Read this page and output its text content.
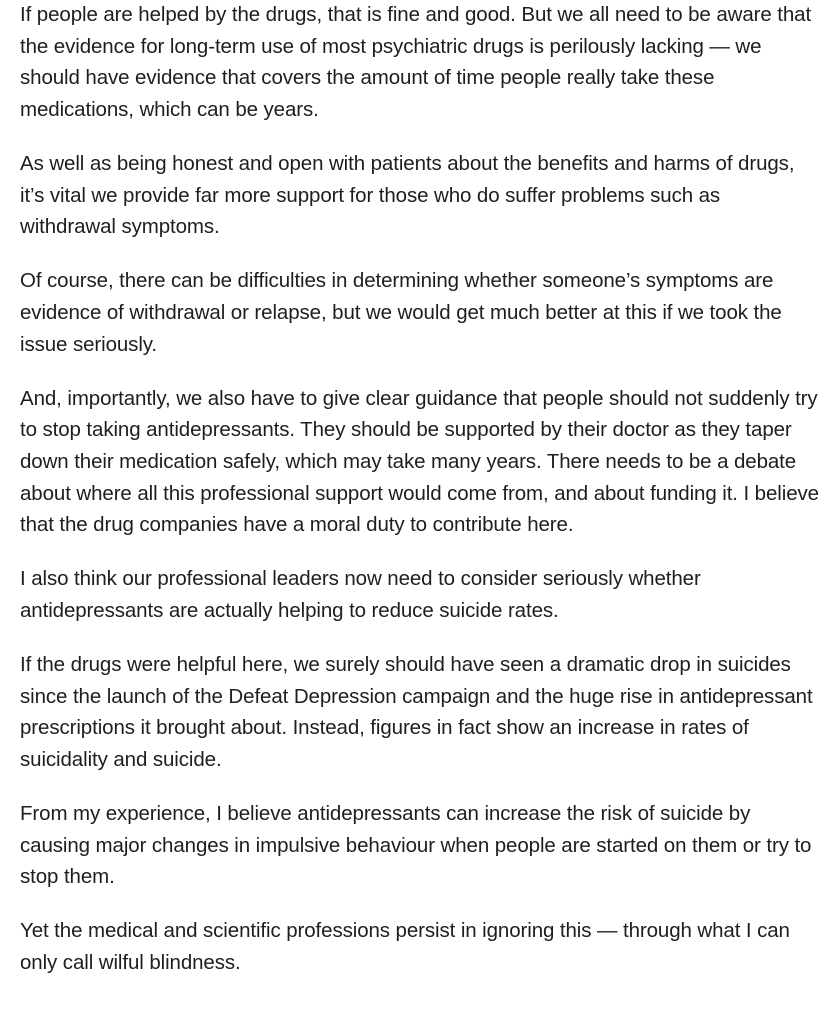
If people are helped by the drugs, that is fine and good. But we all need to be aware that the evidence for long-term use of most psychiatric drugs is perilously lacking — we should have evidence that covers the amount of time people really take these medications, which can be years.

As well as being honest and open with patients about the benefits and harms of drugs, it’s vital we provide far more support for those who do suffer problems such as withdrawal symptoms.

Of course, there can be difficulties in determining whether someone’s symptoms are evidence of withdrawal or relapse, but we would get much better at this if we took the issue seriously.

And, importantly, we also have to give clear guidance that people should not suddenly try to stop taking antidepressants. They should be supported by their doctor as they taper down their medication safely, which may take many years. There needs to be a debate about where all this professional support would come from, and about funding it. I believe that the drug companies have a moral duty to contribute here.

I also think our professional leaders now need to consider seriously whether antidepressants are actually helping to reduce suicide rates.

If the drugs were helpful here, we surely should have seen a dramatic drop in suicides since the launch of the Defeat Depression campaign and the huge rise in antidepressant prescriptions it brought about. Instead, figures in fact show an increase in rates of suicidality and suicide.

From my experience, I believe antidepressants can increase the risk of suicide by causing major changes in impulsive behaviour when people are started on them or try to stop them.

Yet the medical and scientific professions persist in ignoring this — through what I can only call wilful blindness.
